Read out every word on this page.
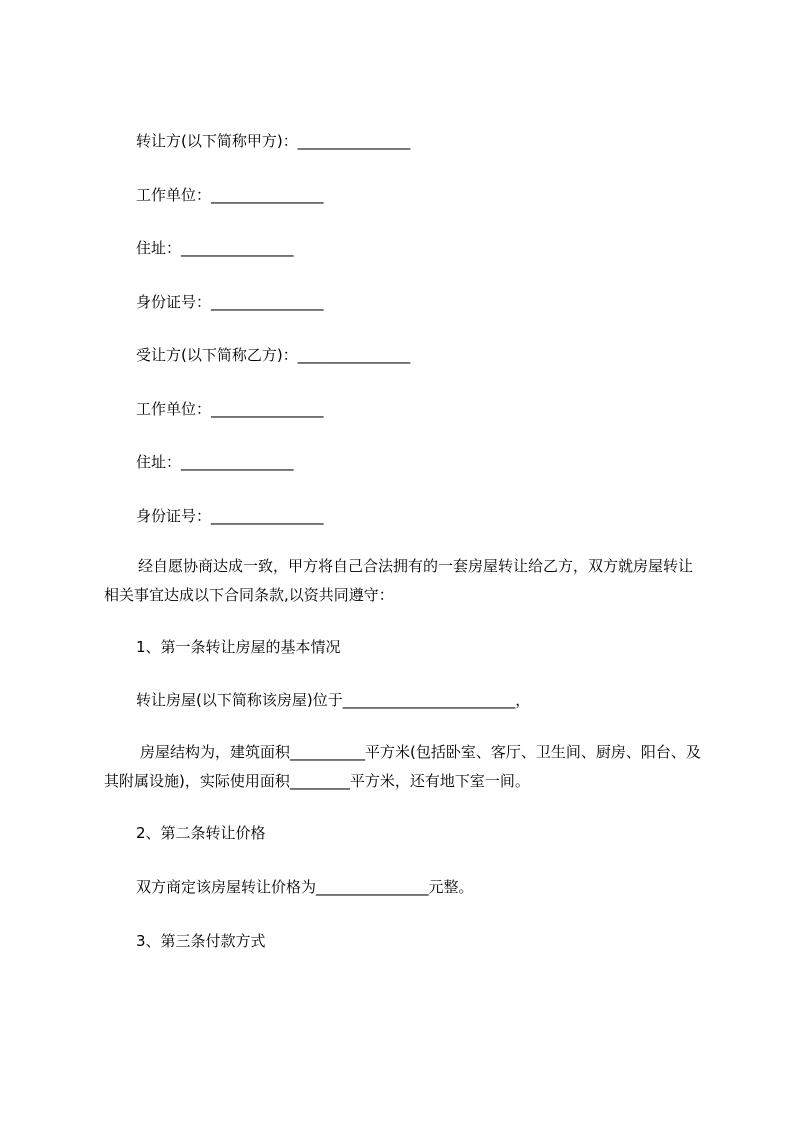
转让方(以下简称甲方)：_______________

工作单位：_______________

住址：_______________

身份证号：_______________

受让方(以下简称乙方)：_______________

工作单位：_______________

住址：_______________

身份证号：_______________

经自愿协商达成一致，甲方将自己合法拥有的一套房屋转让给乙方，双方就房屋转让相关事宜达成以下合同条款,以资共同遵守：

1、第一条转让房屋的基本情况

转让房屋(以下简称该房屋)位于_______________________，

房屋结构为，建筑面积__________平方米(包括卧室、客厅、卫生间、厨房、阳台、及其附属设施)，实际使用面积________平方米，还有地下室一间。

2、第二条转让价格

双方商定该房屋转让价格为_______________元整。

3、第三条付款方式
